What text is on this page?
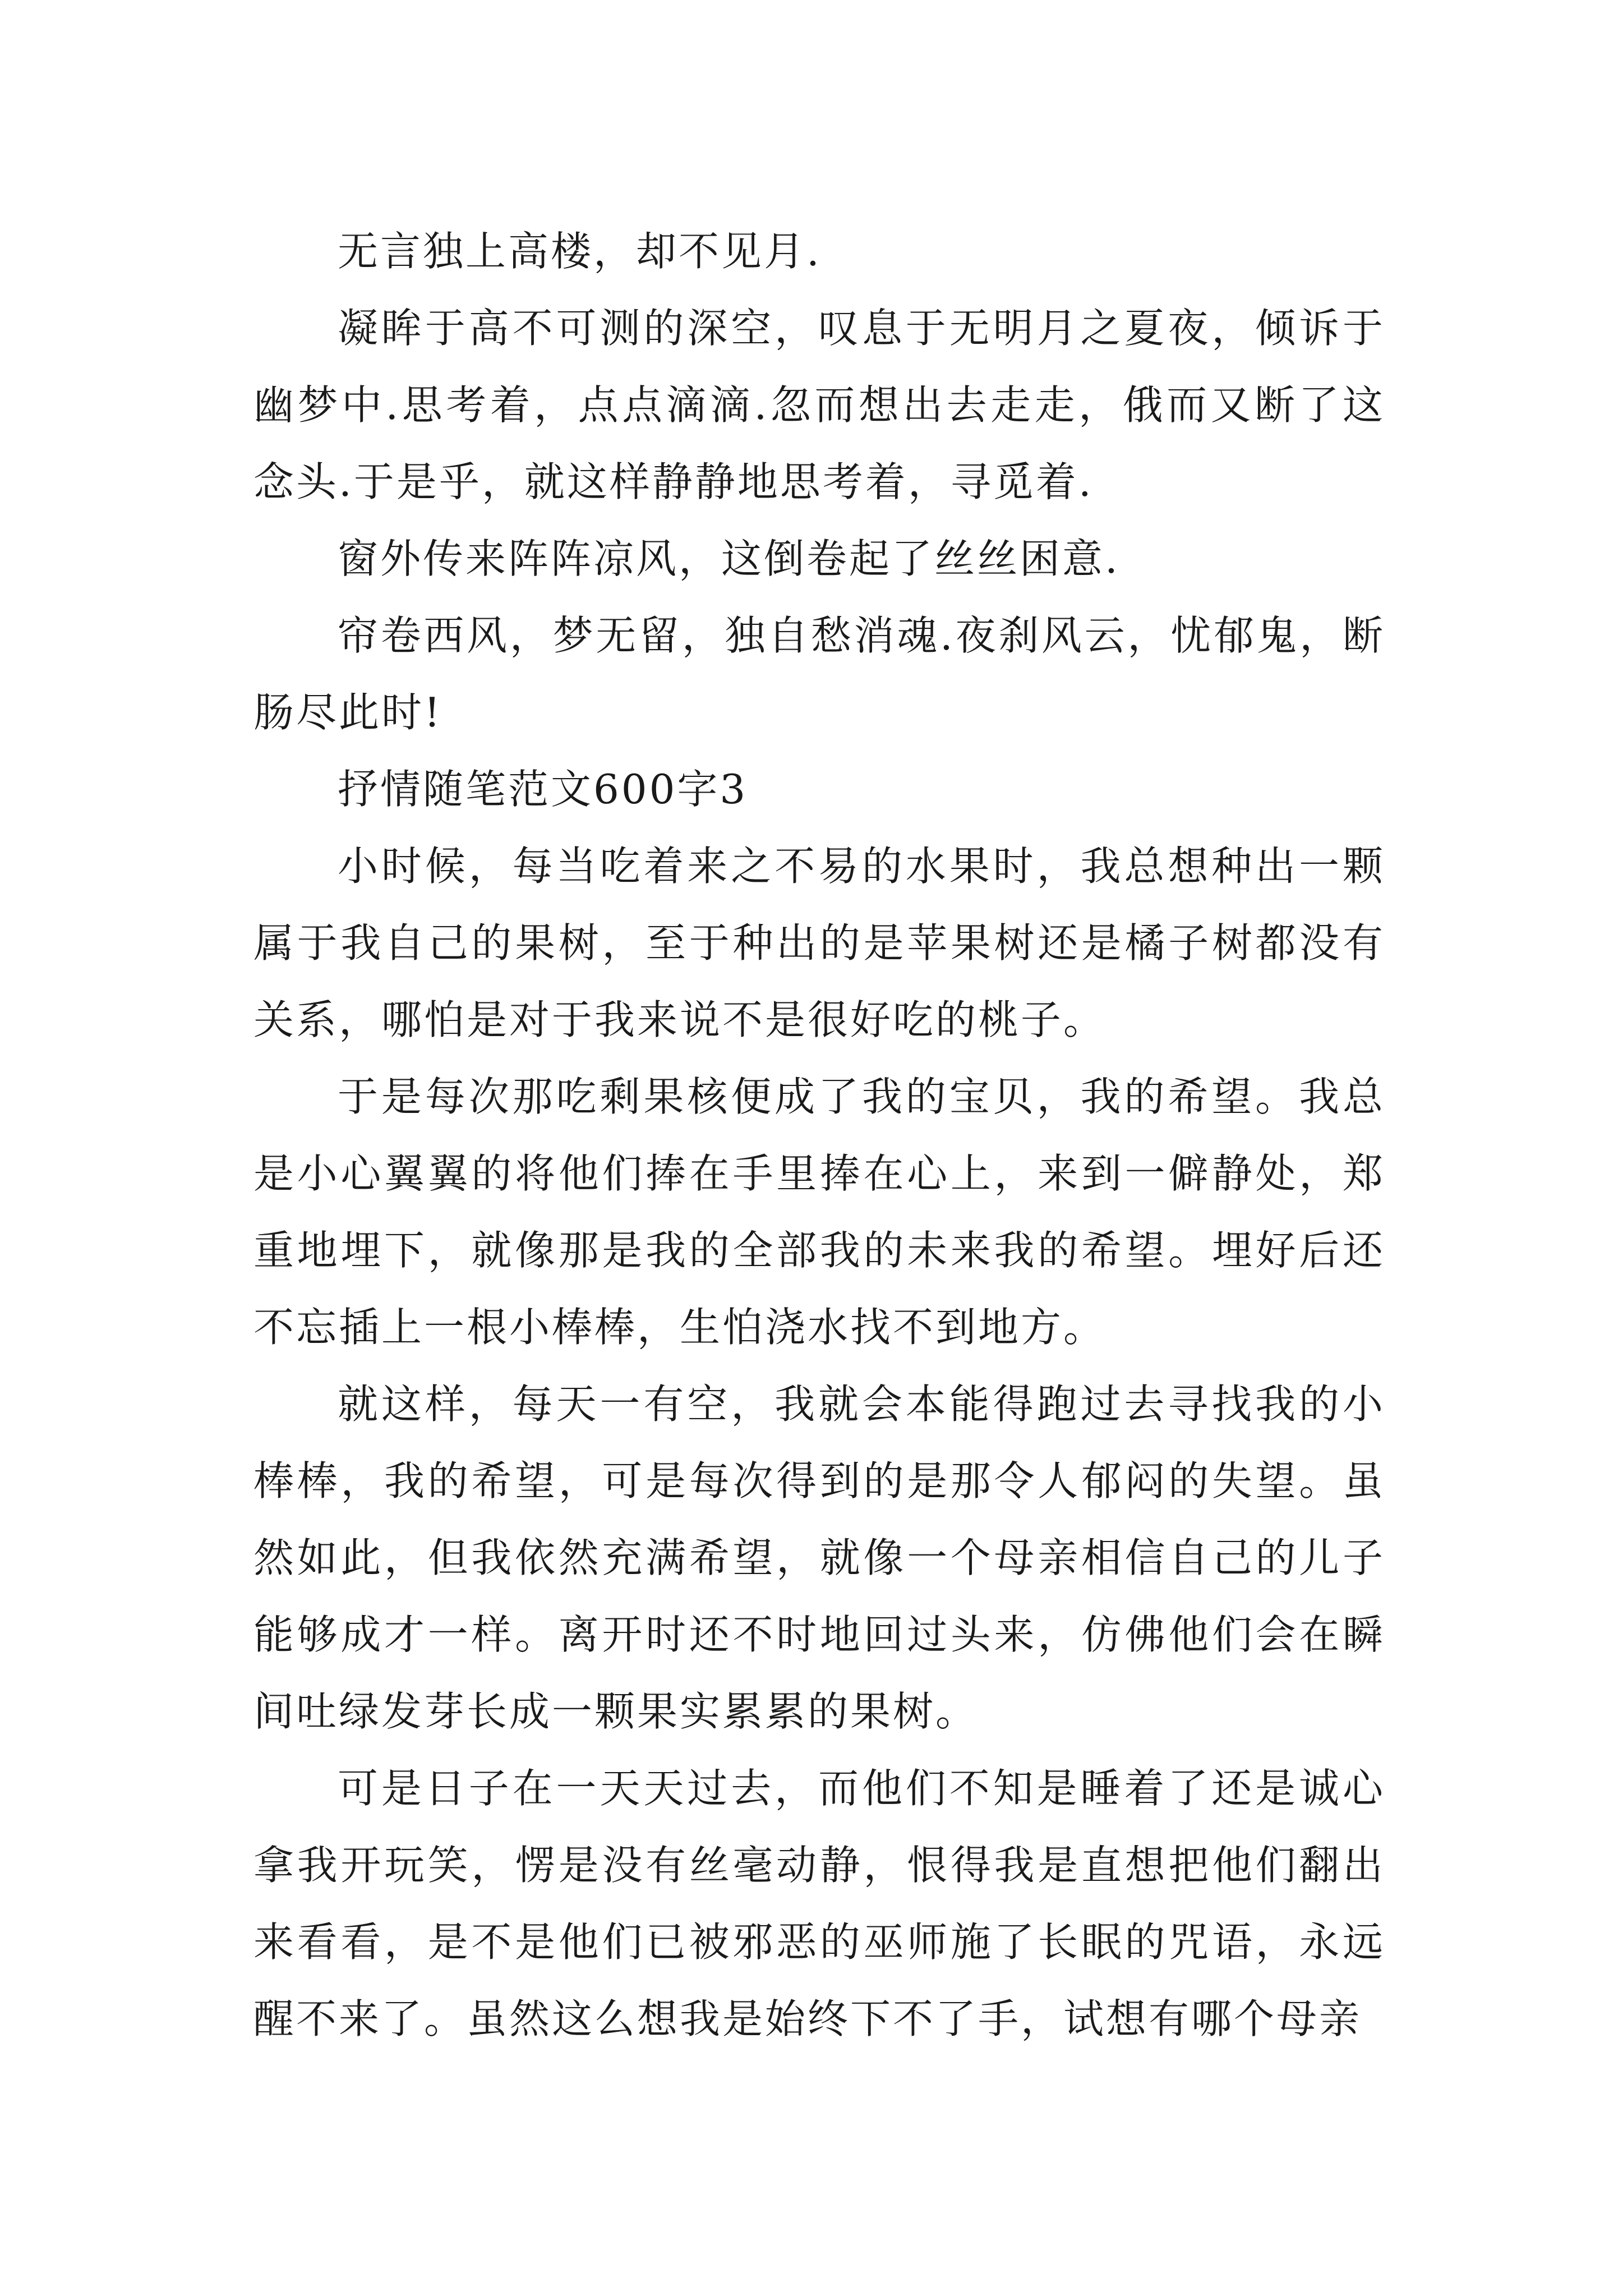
无言独上高楼，却不见月.

凝眸于高不可测的深空，叹息于无明月之夏夜，倾诉于幽梦中.思考着，点点滴滴.忽而想出去走走，俄而又断了这念头.于是乎，就这样静静地思考着，寻觅着.

窗外传来阵阵凉风，这倒卷起了丝丝困意.

帘卷西风，梦无留，独自愁消魂.夜刹风云，忧郁鬼，断肠尽此时!

抒情随笔范文600字3

小时候，每当吃着来之不易的水果时，我总想种出一颗属于我自己的果树，至于种出的是苹果树还是橘子树都没有关系，哪怕是对于我来说不是很好吃的桃子。

于是每次那吃剩果核便成了我的宝贝，我的希望。我总是小心翼翼的将他们捧在手里捧在心上，来到一僻静处，郑重地埋下，就像那是我的全部我的未来我的希望。埋好后还不忘插上一根小棒棒，生怕浇水找不到地方。

就这样，每天一有空，我就会本能得跑过去寻找我的小棒棒，我的希望，可是每次得到的是那令人郁闷的失望。虽然如此，但我依然充满希望，就像一个母亲相信自己的儿子能够成才一样。离开时还不时地回过头来，仿佛他们会在瞬间吐绿发芽长成一颗果实累累的果树。

可是日子在一天天过去，而他们不知是睡着了还是诚心拿我开玩笑，愣是没有丝毫动静，恨得我是直想把他们翻出来看看，是不是他们已被邪恶的巫师施了长眠的咒语，永远醒不来了。虽然这么想我是始终下不了手，试想有哪个母亲
